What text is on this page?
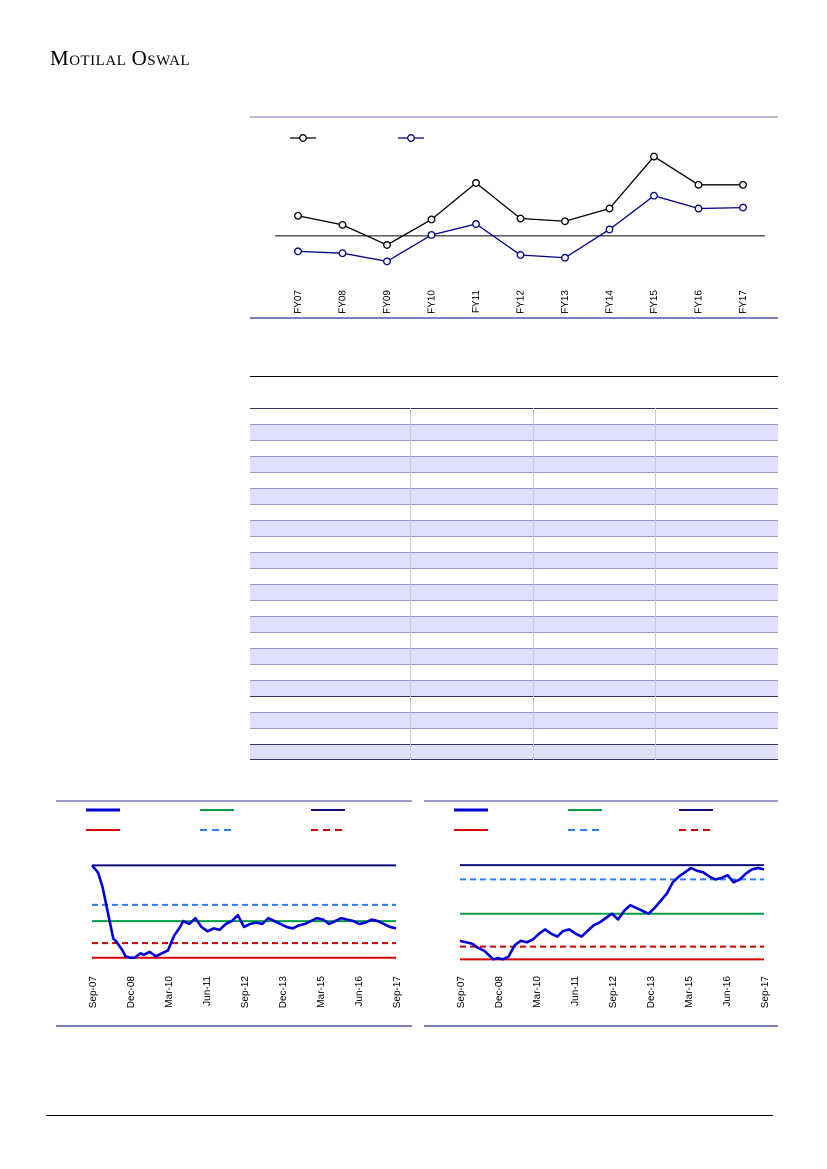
MOTILAL OSWAL
FY07	FY08	FY09	FY10	FY11	FY12	FY13	FY14	FY15	FY16	FY17
Sep-07	Dec-08	Mar-10	Jun-11	Sep-12	Dec-13	Mar-15	Jun-16	Sep-17	Sep-07	Dec-08	Mar-10	Jun-11	Sep-12	Dec-13	Mar-15	Jun-16	Sep-17
